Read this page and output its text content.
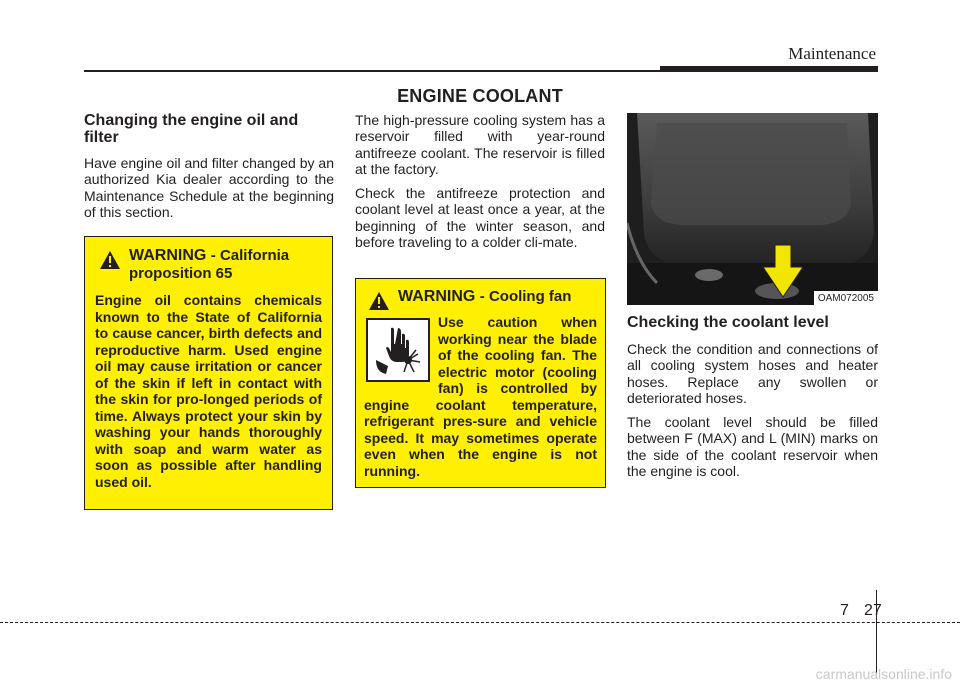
Maintenance
ENGINE COOLANT
Changing the engine oil and filter

Have engine oil and filter changed by an authorized Kia dealer according to the Maintenance Schedule at the beginning of this section.

WARNING - California proposition 65
Engine oil contains chemicals known to the State of California to cause cancer, birth defects and reproductive harm. Used engine oil may cause irritation or cancer of the skin if left in contact with the skin for pro-longed periods of time. Always protect your skin by washing your hands thoroughly with soap and warm water as soon as possible after handling used oil.

The high-pressure cooling system has a reservoir filled with year-round antifreeze coolant. The reservoir is filled at the factory.

Check the antifreeze protection and coolant level at least once a year, at the beginning of the winter season, and before traveling to a colder cli-mate.

WARNING - Cooling fan
Use caution when working near the blade of the cooling fan. The electric motor (cooling fan) is controlled by engine coolant temperature, refrigerant pres-sure and vehicle speed. It may sometimes operate even when the engine is not running.
OAM072005
Checking the coolant level

Check the condition and connections of all cooling system hoses and heater hoses. Replace any swollen or deteriorated hoses.

The coolant level should be filled between F (MAX) and L (MIN) marks on the side of the coolant reservoir when the engine is cool.

7 27
carmanualsonline.info
